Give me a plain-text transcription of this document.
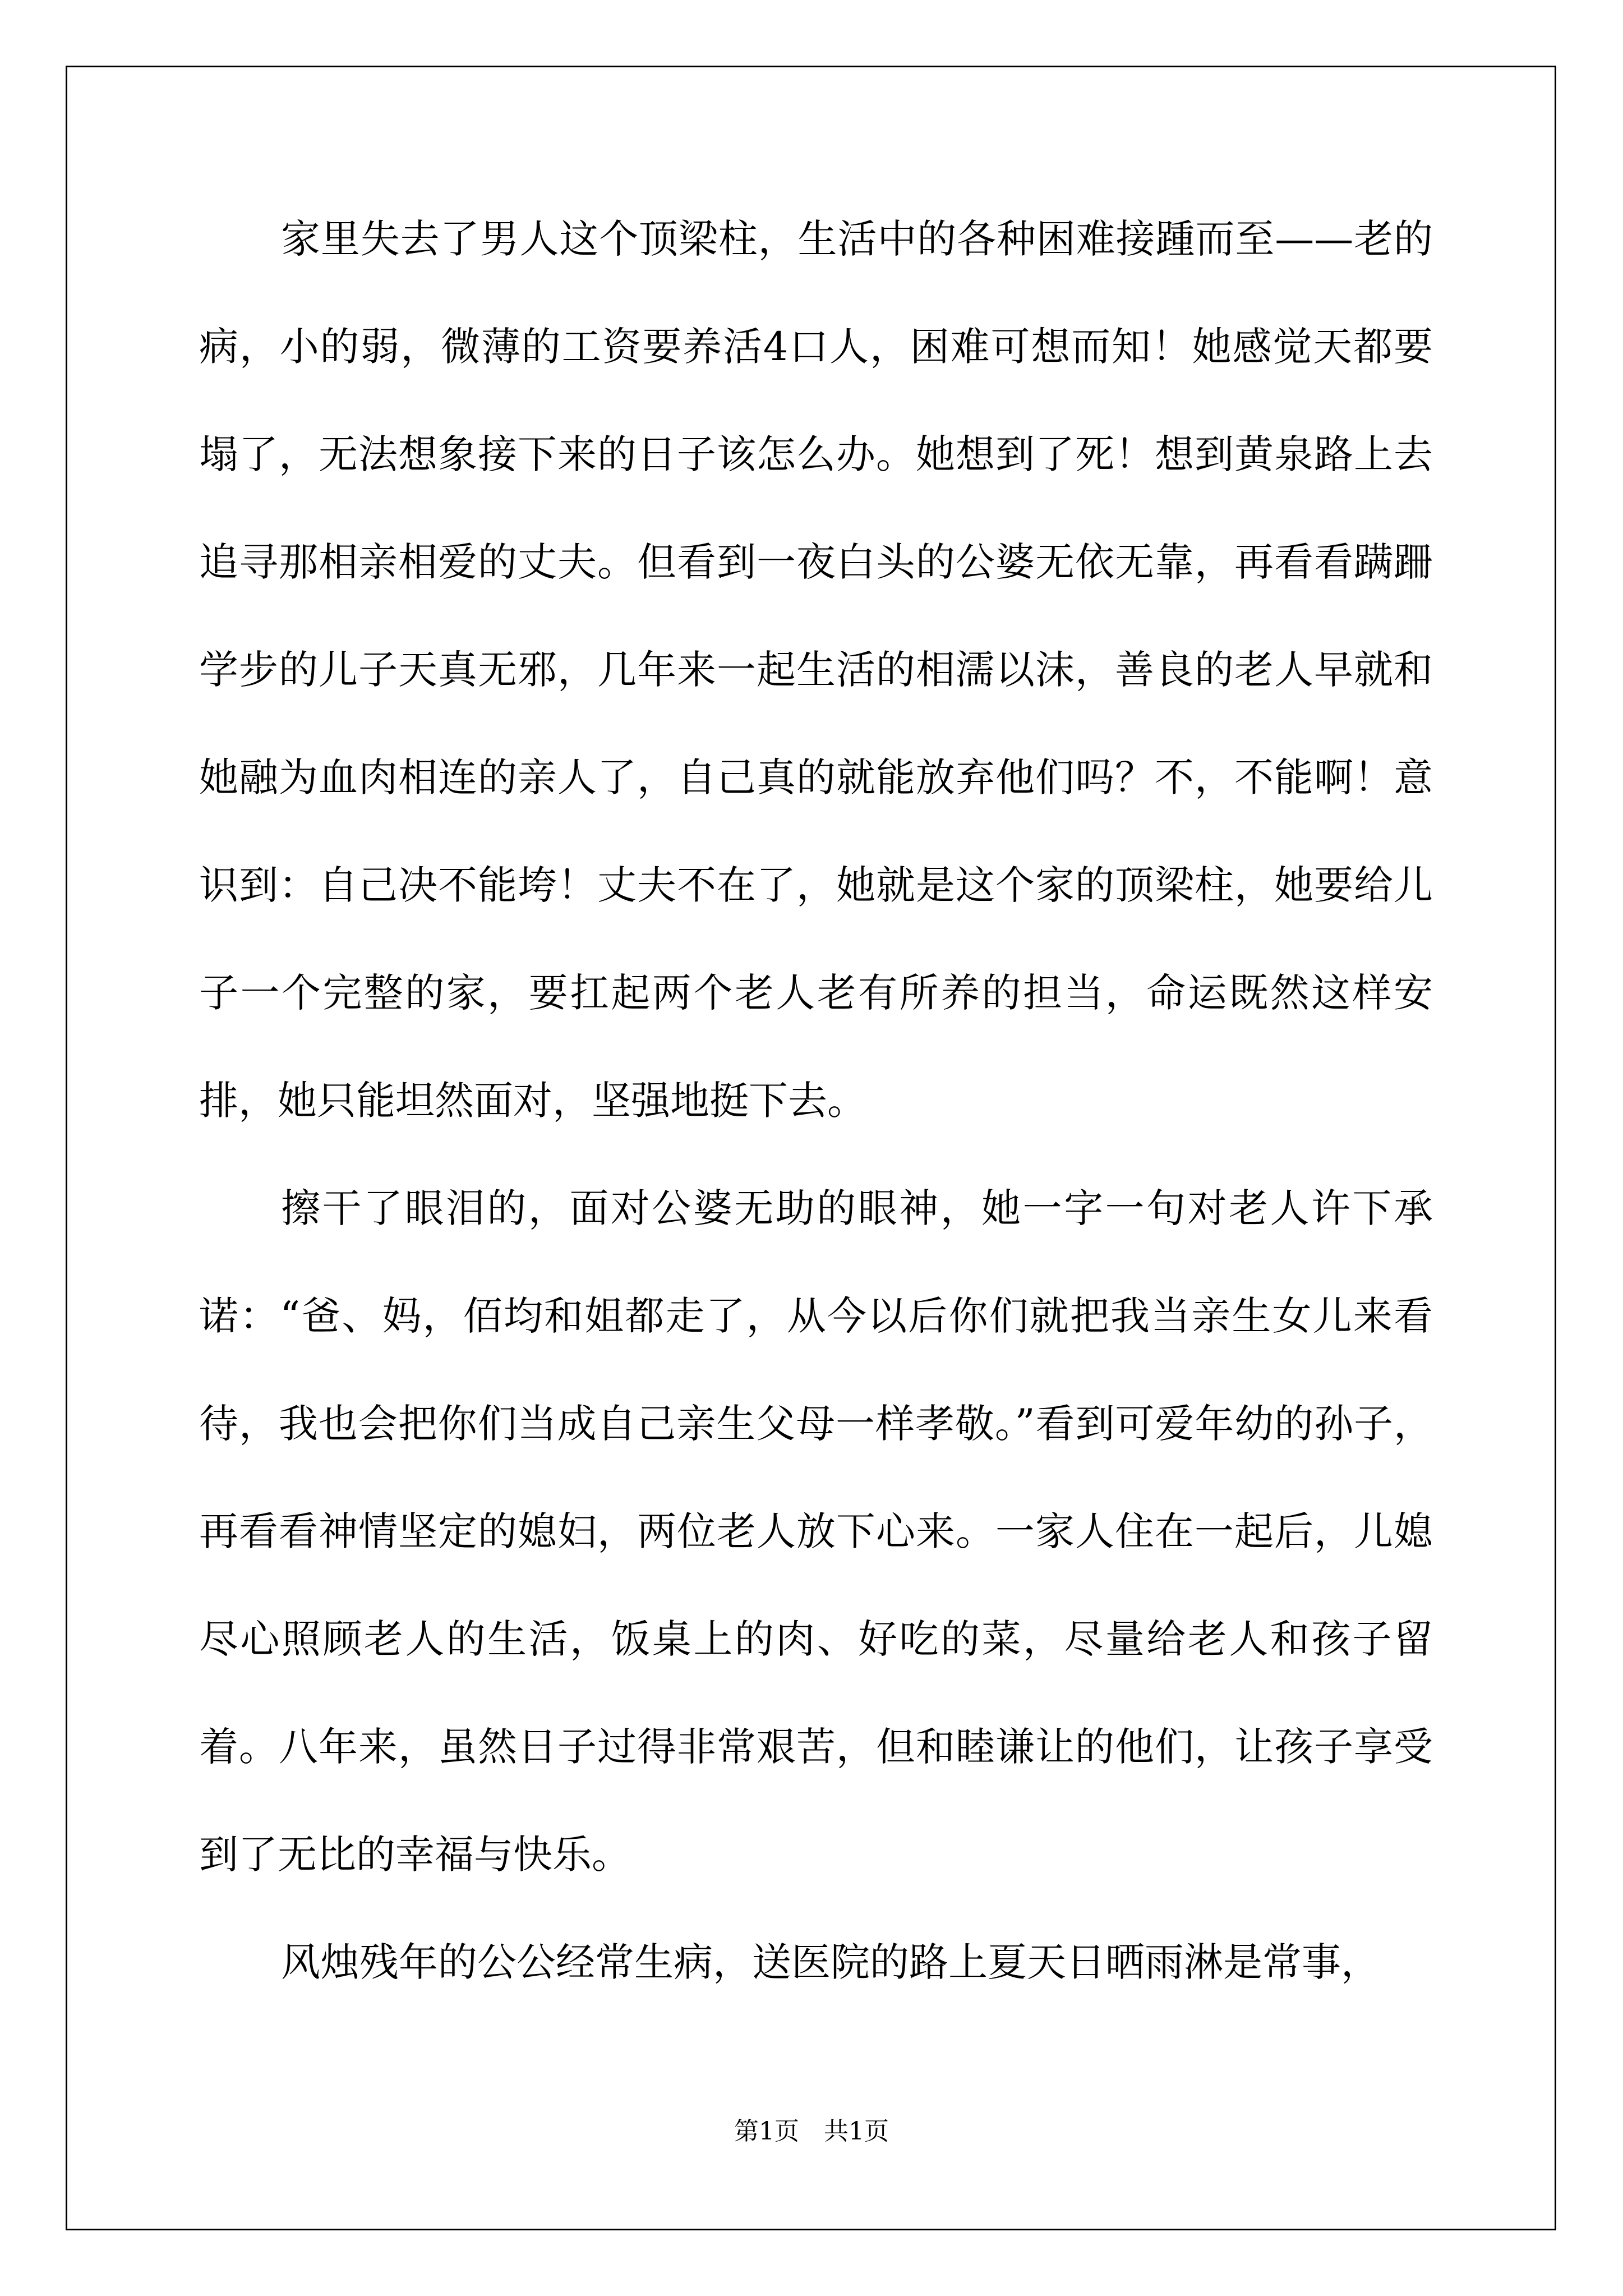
家里失去了男人这个顶梁柱，生活中的各种困难接踵而至——老的病，小的弱，微薄的工资要养活4口人，困难可想而知！她感觉天都要塌了，无法想象接下来的日子该怎么办。她想到了死！想到黄泉路上去追寻那相亲相爱的丈夫。但看到一夜白头的公婆无依无靠，再看看蹒跚学步的儿子天真无邪，几年来一起生活的相濡以沫，善良的老人早就和她融为血肉相连的亲人了，自己真的就能放弃他们吗？不，不能啊！意识到：自己决不能垮！丈夫不在了，她就是这个家的顶梁柱，她要给儿子一个完整的家，要扛起两个老人老有所养的担当，命运既然这样安排，她只能坦然面对，坚强地挺下去。

擦干了眼泪的，面对公婆无助的眼神，她一字一句对老人许下承诺：“爸、妈，佰均和姐都走了，从今以后你们就把我当亲生女儿来看待，我也会把你们当成自己亲生父母一样孝敬。”看到可爱年幼的孙子，再看看神情坚定的媳妇，两位老人放下心来。一家人住在一起后，儿媳尽心照顾老人的生活，饭桌上的肉、好吃的菜，尽量给老人和孩子留着。八年来，虽然日子过得非常艰苦，但和睦谦让的他们，让孩子享受到了无比的幸福与快乐。

风烛残年的公公经常生病，送医院的路上夏天日晒雨淋是常事，

第1页　共1页
